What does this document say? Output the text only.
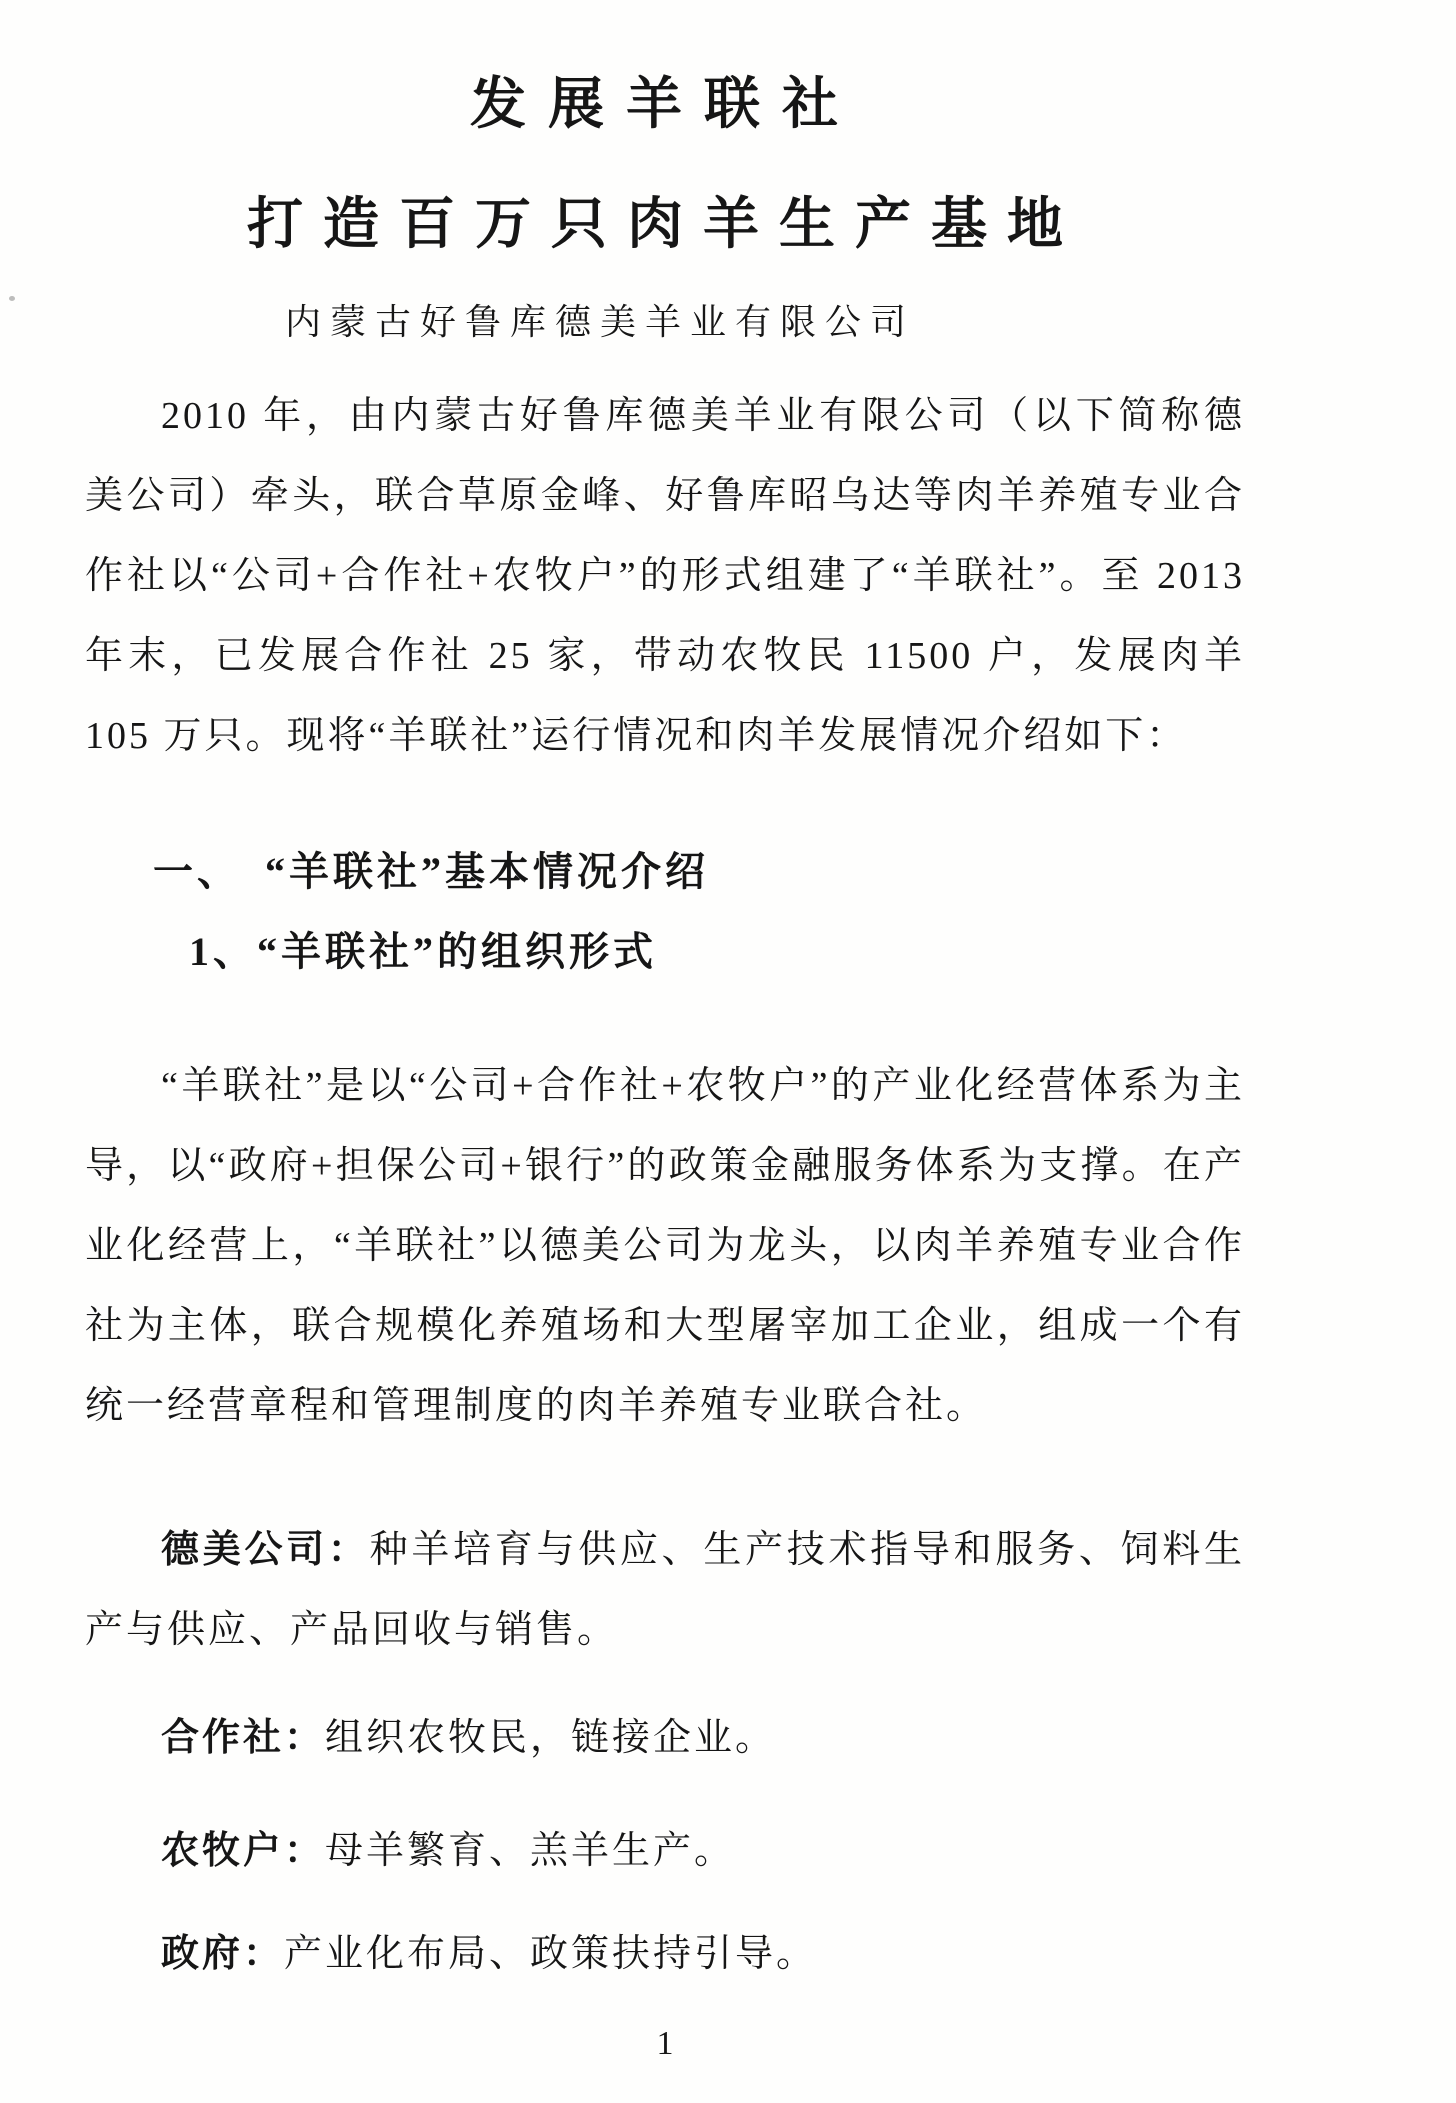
发展羊联社
打造百万只肉羊生产基地
内蒙古好鲁库德美羊业有限公司
2010 年，由内蒙古好鲁库德美羊业有限公司（以下简称德美公司）牵头，联合草原金峰、好鲁库昭乌达等肉羊养殖专业合作社以“公司+合作社+农牧户”的形式组建了“羊联社”。至 2013 年末，已发展合作社 25 家，带动农牧民 11500 户，发展肉羊 105 万只。现将“羊联社”运行情况和肉羊发展情况介绍如下：
一、　“羊联社”基本情况介绍
1、“羊联社”的组织形式
“羊联社”是以“公司+合作社+农牧户”的产业化经营体系为主导，以“政府+担保公司+银行”的政策金融服务体系为支撑。在产业化经营上，“羊联社”以德美公司为龙头，以肉羊养殖专业合作社为主体，联合规模化养殖场和大型屠宰加工企业，组成一个有统一经营章程和管理制度的肉羊养殖专业联合社。
德美公司：种羊培育与供应、生产技术指导和服务、饲料生产与供应、产品回收与销售。
合作社：组织农牧民，链接企业。
农牧户：母羊繁育、羔羊生产。
政府：产业化布局、政策扶持引导。
1
